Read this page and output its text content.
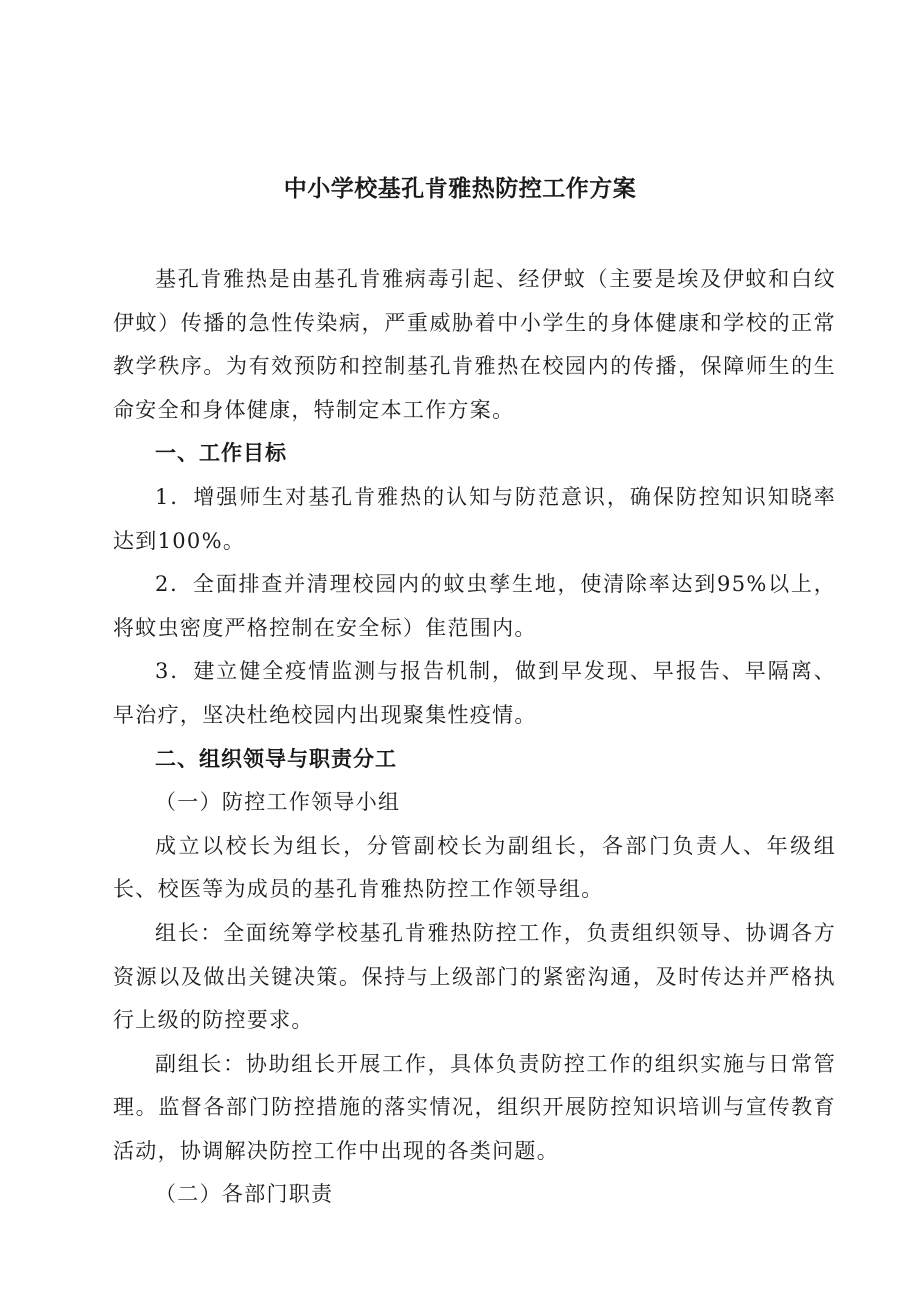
中小学校基孔肯雅热防控工作方案

基孔肯雅热是由基孔肯雅病毒引起、经伊蚊（主要是埃及伊蚊和白纹伊蚊）传播的急性传染病，严重威胁着中小学生的身体健康和学校的正常教学秩序。为有效预防和控制基孔肯雅热在校园内的传播，保障师生的生命安全和身体健康，特制定本工作方案。

一、工作目标

1．增强师生对基孔肯雅热的认知与防范意识，确保防控知识知晓率达到100%。

2．全面排查并清理校园内的蚊虫孳生地，使清除率达到95%以上，将蚊虫密度严格控制在安全标）隹范围内。

3．建立健全疫情监测与报告机制，做到早发现、早报告、早隔离、早治疗，坚决杜绝校园内出现聚集性疫情。

二、组织领导与职责分工

（一）防控工作领导小组

成立以校长为组长，分管副校长为副组长，各部门负责人、年级组长、校医等为成员的基孔肯雅热防控工作领导组。

组长：全面统筹学校基孔肯雅热防控工作，负责组织领导、协调各方资源以及做出关键决策。保持与上级部门的紧密沟通，及时传达并严格执行上级的防控要求。

副组长：协助组长开展工作，具体负责防控工作的组织实施与日常管理。监督各部门防控措施的落实情况，组织开展防控知识培训与宣传教育活动，协调解决防控工作中出现的各类问题。

（二）各部门职责
